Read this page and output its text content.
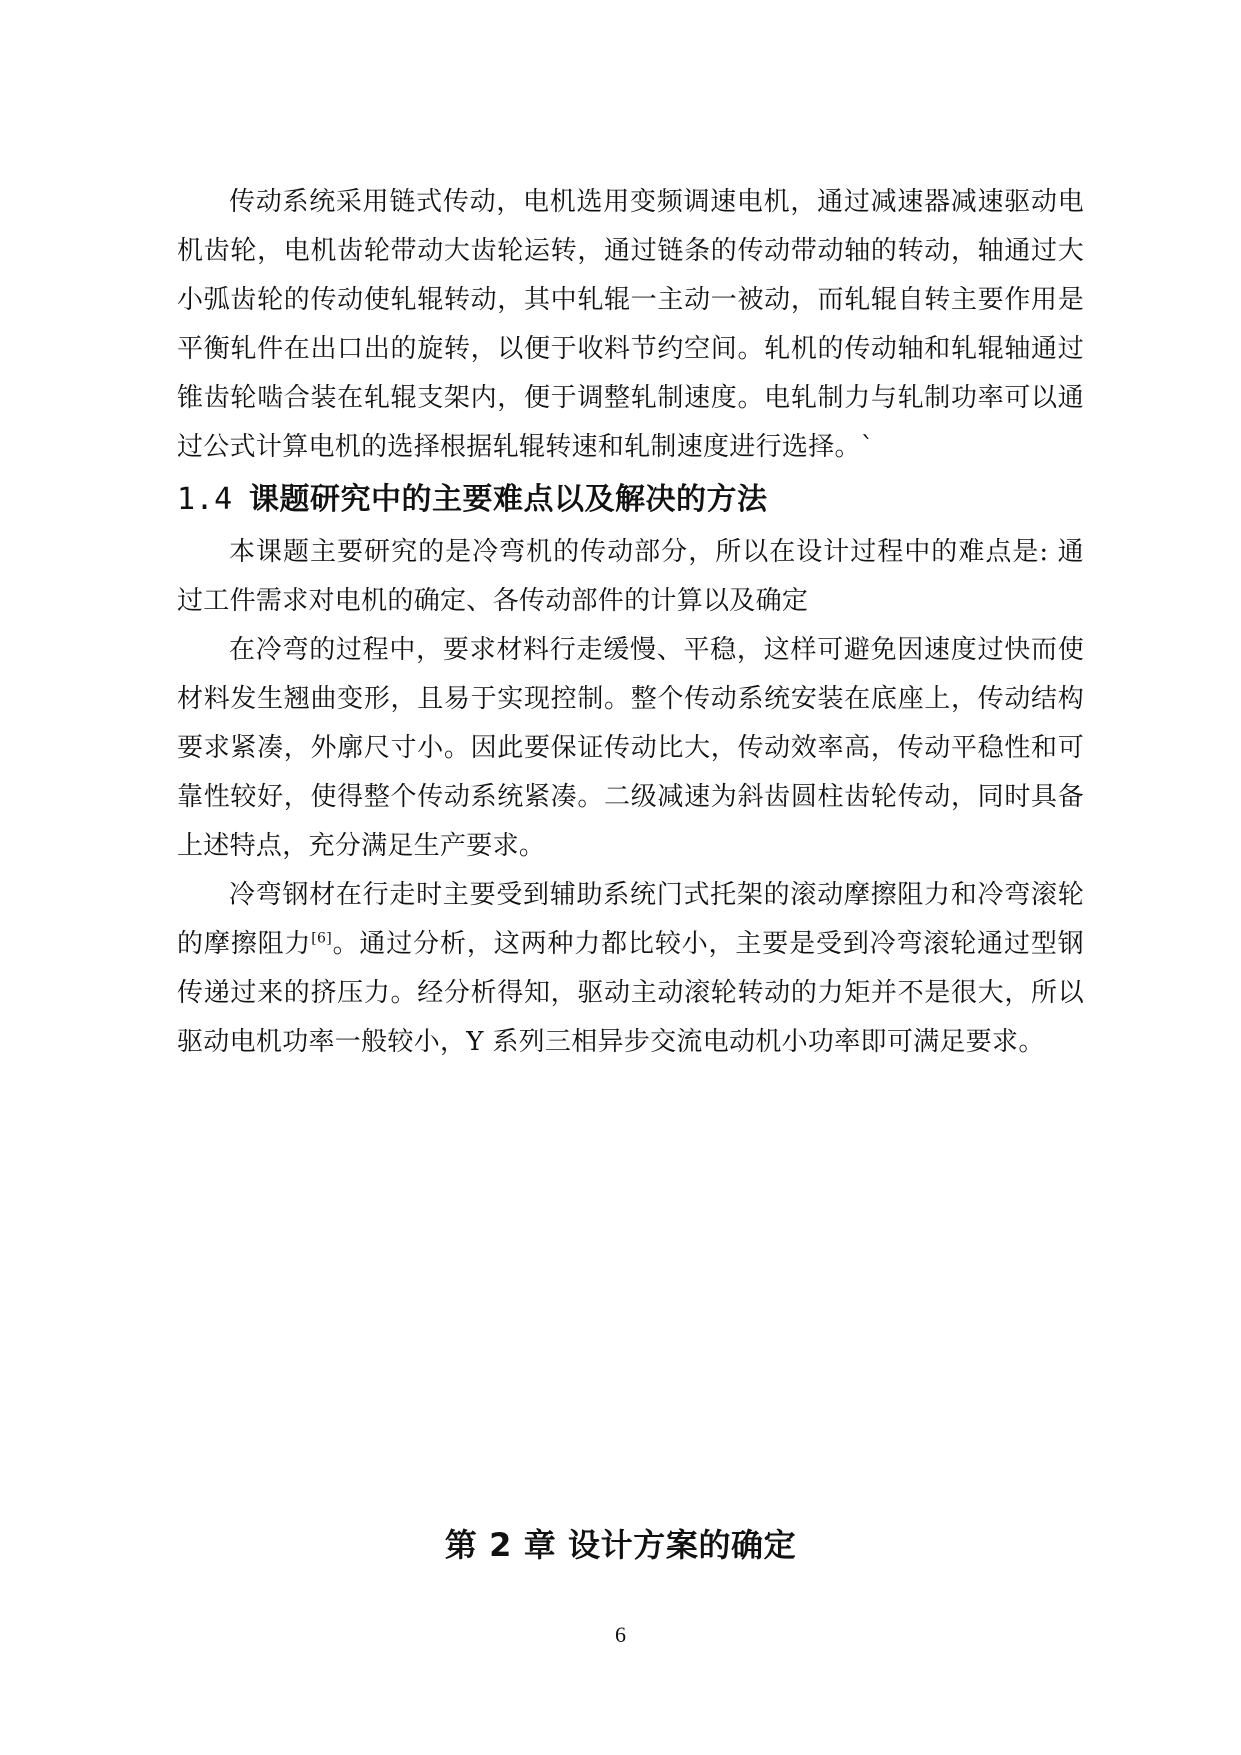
传动系统采用链式传动，电机选用变频调速电机，通过减速器减速驱动电机齿轮，电机齿轮带动大齿轮运转，通过链条的传动带动轴的转动，轴通过大小弧齿轮的传动使轧辊转动，其中轧辊一主动一被动，而轧辊自转主要作用是平衡轧件在出口出的旋转，以便于收料节约空间。轧机的传动轴和轧辊轴通过锥齿轮啮合装在轧辊支架内，便于调整轧制速度。电轧制力与轧制功率可以通过公式计算电机的选择根据轧辊转速和轧制速度进行选择。`

1.4 课题研究中的主要难点以及解决的方法

本课题主要研究的是冷弯机的传动部分，所以在设计过程中的难点是: 通过工件需求对电机的确定、各传动部件的计算以及确定

在冷弯的过程中，要求材料行走缓慢、平稳，这样可避免因速度过快而使材料发生翘曲变形，且易于实现控制。整个传动系统安装在底座上，传动结构要求紧凑，外廓尺寸小。因此要保证传动比大，传动效率高，传动平稳性和可靠性较好，使得整个传动系统紧凑。二级减速为斜齿圆柱齿轮传动，同时具备上述特点，充分满足生产要求。

冷弯钢材在行走时主要受到辅助系统门式托架的滚动摩擦阻力和冷弯滚轮的摩擦阻力[6]。通过分析，这两种力都比较小，主要是受到冷弯滚轮通过型钢传递过来的挤压力。经分析得知，驱动主动滚轮转动的力矩并不是很大，所以驱动电机功率一般较小，Y 系列三相异步交流电动机小功率即可满足要求。

第 2 章 设计方案的确定
6
